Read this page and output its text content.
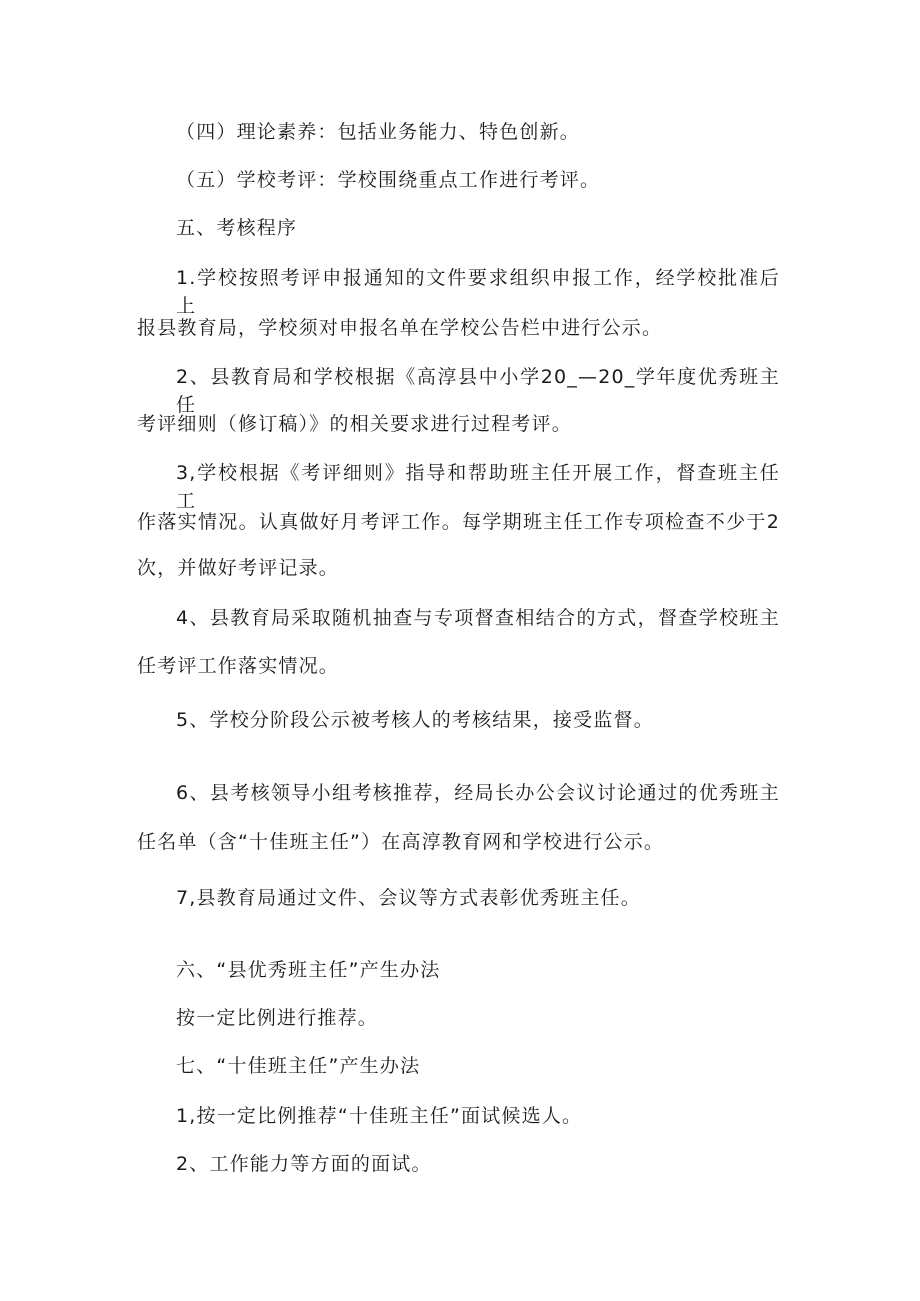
（四）理论素养：包括业务能力、特色创新。
（五）学校考评：学校围绕重点工作进行考评。
五、考核程序
1.学校按照考评申报通知的文件要求组织申报工作，经学校批准后上
报县教育局，学校须对申报名单在学校公告栏中进行公示。
2、县教育局和学校根据《高淳县中小学20_—20_学年度优秀班主任
考评细则（修订稿）》的相关要求进行过程考评。
3,学校根据《考评细则》指导和帮助班主任开展工作，督查班主任工
作落实情况。认真做好月考评工作。每学期班主任工作专项检查不少于2
次，并做好考评记录。
4、县教育局采取随机抽查与专项督查相结合的方式，督查学校班主
任考评工作落实情况。
5、学校分阶段公示被考核人的考核结果，接受监督。
6、县考核领导小组考核推荐，经局长办公会议讨论通过的优秀班主
任名单（含“十佳班主任”）在高淳教育网和学校进行公示。
7,县教育局通过文件、会议等方式表彰优秀班主任。
六、“县优秀班主任”产生办法
按一定比例进行推荐。
七、“十佳班主任”产生办法
1,按一定比例推荐“十佳班主任”面试候选人。
2、工作能力等方面的面试。
